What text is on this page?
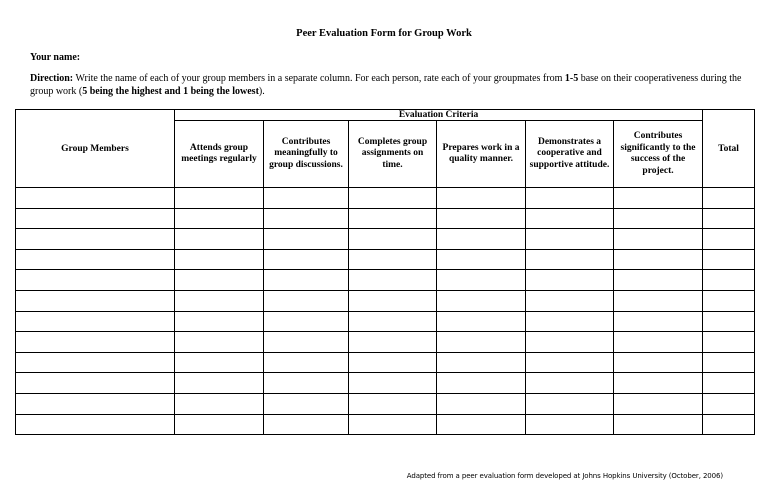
Peer Evaluation Form for Group Work
Your name:
Direction: Write the name of each of your group members in a separate column. For each person, rate each of your groupmates from 1-5 base on their cooperativeness during the group work (5 being the highest and 1 being the lowest).
Group Members	Evaluation Criteria						Total
	Attends group meetings regularly	Contributes meaningfully to group discussions.	Completes group assignments on time.	Prepares work in a quality manner.	Demonstrates a cooperative and supportive attitude.	Contributes significantly to the success of the project.	

Adapted from a peer evaluation form developed at Johns Hopkins University (October, 2006)
